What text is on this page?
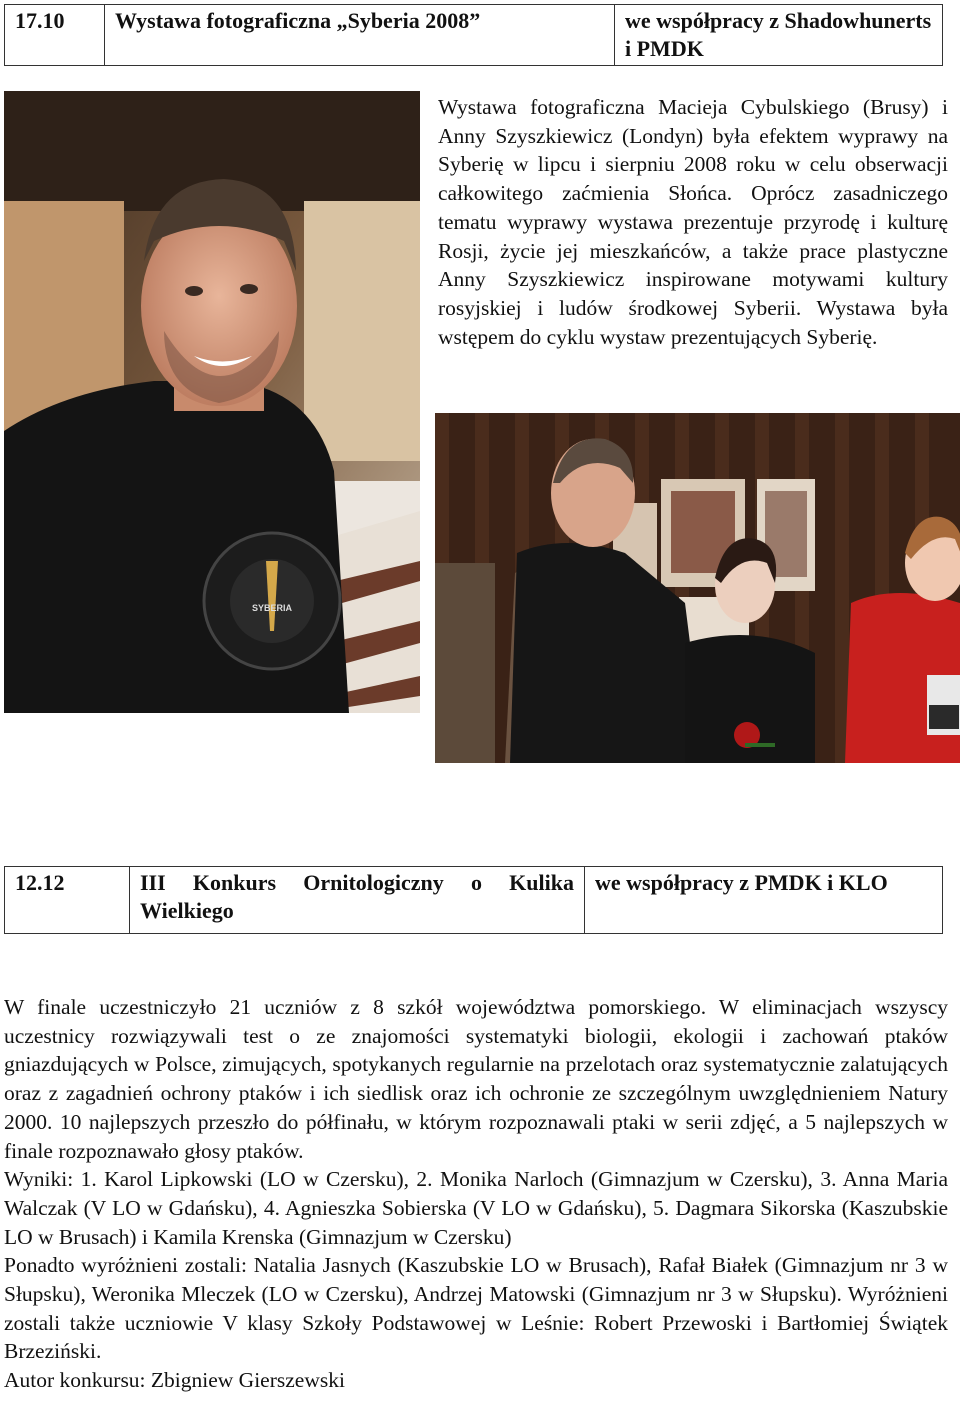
17.10	Wystawa fotograficzna „Syberia 2008”	we współpracy z Shadowhunerts i PMDK
SYBERIA

Wystawa fotograficzna Macieja Cybulskiego (Brusy) i Anny Szyszkiewicz (Londyn) była efektem wyprawy na Syberię w lipcu i sierpniu 2008 roku w celu obserwacji całkowitego zaćmienia Słońca. Oprócz zasadniczego tematu wyprawy wystawa prezentuje przyrodę i kulturę Rosji, życie jej mieszkańców, a także prace plastyczne Anny Szyszkiewicz inspirowane motywami kultury rosyjskiej i ludów środkowej Syberii. Wystawa była wstępem do cyklu wystaw prezentujących Syberię.

12.12	III Konkurs Ornitologiczny o Kulika Wielkiego	we współpracy z PMDK i KLO

W finale uczestniczyło 21 uczniów z 8 szkół województwa pomorskiego. W eliminacjach wszyscy uczestnicy rozwiązywali test o ze znajomości systematyki biologii, ekologii i zachowań ptaków gniazdujących w Polsce, zimujących, spotykanych regularnie na przelotach oraz systematycznie zalatujących oraz z zagadnień ochrony ptaków i ich siedlisk oraz ich ochronie ze szczególnym uwzględnieniem Natury 2000. 10 najlepszych przeszło do półfinału, w którym rozpoznawali ptaki w serii zdjęć, a 5 najlepszych w finale rozpoznawało głosy ptaków.

Wyniki: 1. Karol Lipkowski (LO w Czersku), 2. Monika Narloch (Gimnazjum w Czersku), 3. Anna Maria Walczak (V LO w Gdańsku), 4. Agnieszka Sobierska (V LO w Gdańsku), 5. Dagmara Sikorska (Kaszubskie LO w Brusach) i Kamila Krenska (Gimnazjum w Czersku)

Ponadto wyróżnieni zostali: Natalia Jasnych (Kaszubskie LO w Brusach), Rafał Białek (Gimnazjum nr 3 w Słupsku), Weronika Mleczek (LO w Czersku), Andrzej Matowski (Gimnazjum nr 3 w Słupsku). Wyróżnieni zostali także uczniowie V klasy Szkoły Podstawowej w Leśnie: Robert Przewoski i Bartłomiej Świątek Brzeziński.

Autor konkursu: Zbigniew Gierszewski
